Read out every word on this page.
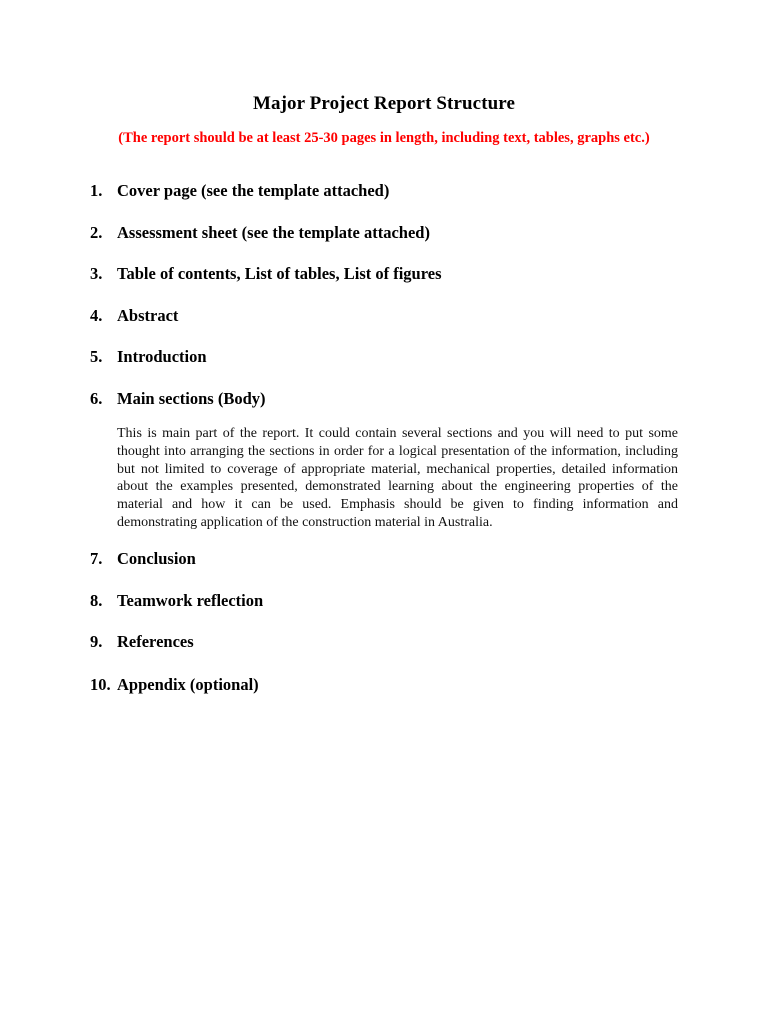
Major Project Report Structure
(The report should be at least 25-30 pages in length, including text, tables, graphs etc.)
1. Cover page (see the template attached)
2. Assessment sheet (see the template attached)
3. Table of contents, List of tables, List of figures
4. Abstract
5. Introduction
6. Main sections (Body)
This is main part of the report. It could contain several sections and you will need to put some thought into arranging the sections in order for a logical presentation of the information, including but not limited to coverage of appropriate material, mechanical properties, detailed information about the examples presented, demonstrated learning about the engineering properties of the material and how it can be used. Emphasis should be given to finding information and demonstrating application of the construction material in Australia.
7. Conclusion
8. Teamwork reflection
9. References
10. Appendix (optional)
